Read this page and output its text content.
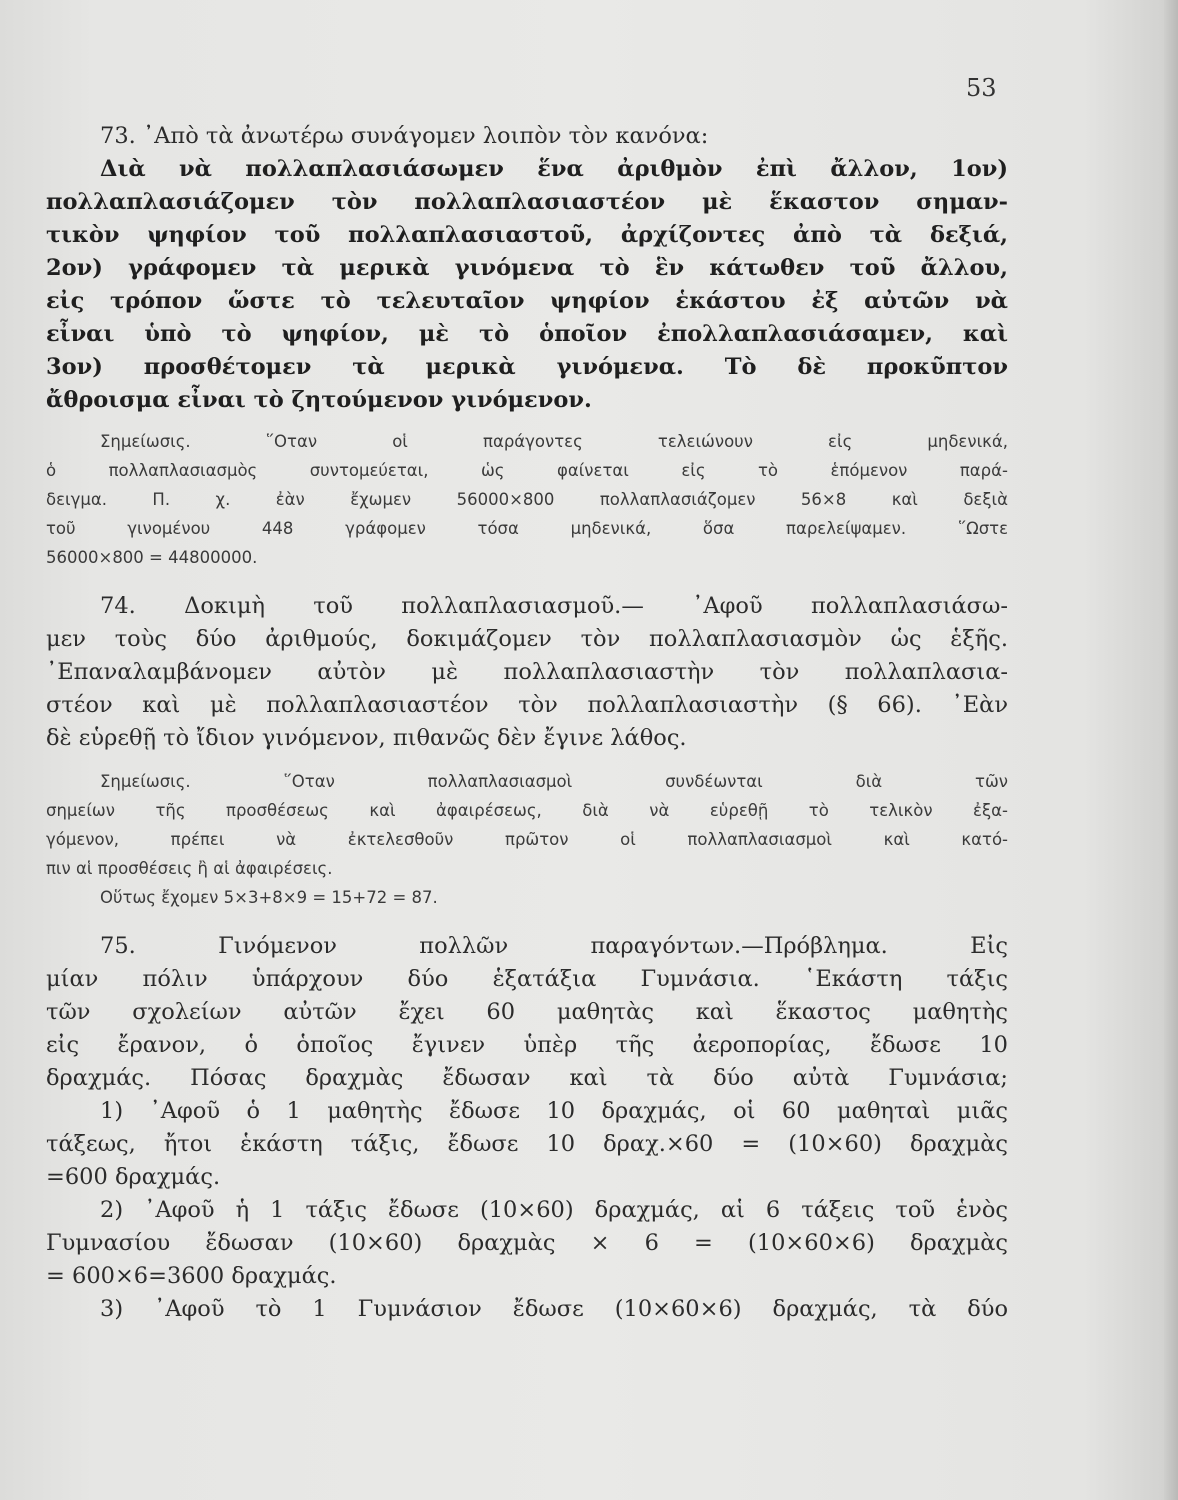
53
73. ᾿Απὸ τὰ ἀνωτέρω συνάγομεν λοιπὸν τὸν κανόνα:
Διὰ νὰ πολλαπλασιάσωμεν ἕνα ἀριθμὸν ἐπὶ ἄλλον, 1ον)
πολλαπλασιάζομεν τὸν πολλαπλασιαστέον μὲ ἕκαστον σημαν-
τικὸν ψηφίον τοῦ πολλαπλασιαστοῦ, ἀρχίζοντες ἀπὸ τὰ δεξιά,
2ον) γράφομεν τὰ μερικὰ γινόμενα τὸ ἓν κάτωθεν τοῦ ἄλλου,
εἰς τρόπον ὥστε τὸ τελευταῖον ψηφίον ἑκάστου ἐξ αὐτῶν νὰ
εἶναι ὑπὸ τὸ ψηφίον, μὲ τὸ ὁποῖον ἐπολλαπλασιάσαμεν, καὶ
3ον) προσθέτομεν τὰ μερικὰ γινόμενα. Τὸ δὲ προκῦπτον
ἄθροισμα εἶναι τὸ ζητούμενον γινόμενον.
Σημείωσις. ῞Οταν οἱ παράγοντες τελειώνουν εἰς μηδενικά,
ὁ πολλαπλασιασμὸς συντομεύεται, ὡς φαίνεται εἰς τὸ ἑπόμενον παρά-
δειγμα. Π. χ. ἐὰν ἔχωμεν 56000×800 πολλαπλασιάζομεν 56×8 καὶ δεξιὰ
τοῦ γινομένου 448 γράφομεν τόσα μηδενικά, ὅσα παρελείψαμεν. ῞Ωστε
56000×800 = 44800000.
74. Δοκιμὴ τοῦ πολλαπλασιασμοῦ.— ᾿Αφοῦ πολλαπλασιάσω-
μεν τοὺς δύο ἀριθμούς, δοκιμάζομεν τὸν πολλαπλασιασμὸν ὡς ἑξῆς.
᾿Επαναλαμβάνομεν αὐτὸν μὲ πολλαπλασιαστὴν τὸν πολλαπλασια-
στέον καὶ μὲ πολλαπλασιαστέον τὸν πολλαπλασιαστὴν (§ 66). ᾿Εὰν
δὲ εὑρεθῇ τὸ ἴδιον γινόμενον, πιθανῶς δὲν ἔγινε λάθος.
Σημείωσις. ῞Οταν πολλαπλασιασμοὶ συνδέωνται διὰ τῶν
σημείων τῆς προσθέσεως καὶ ἀφαιρέσεως, διὰ νὰ εὑρεθῇ τὸ τελικὸν ἐξα-
γόμενον, πρέπει νὰ ἐκτελεσθοῦν πρῶτον οἱ πολλαπλασιασμοὶ καὶ κατό-
πιν αἱ προσθέσεις ἢ αἱ ἀφαιρέσεις.
Οὕτως ἔχομεν 5×3+8×9 = 15+72 = 87.
75. Γινόμενον πολλῶν παραγόντων.—Πρόβλημα. Εἰς
μίαν πόλιν ὑπάρχουν δύο ἑξατάξια Γυμνάσια. ῾Εκάστη τάξις
τῶν σχολείων αὐτῶν ἔχει 60 μαθητὰς καὶ ἕκαστος μαθητὴς
εἰς ἔρανον, ὁ ὁποῖος ἔγινεν ὑπὲρ τῆς ἀεροπορίας, ἔδωσε 10
δραχμάς. Πόσας δραχμὰς ἔδωσαν καὶ τὰ δύο αὐτὰ Γυμνάσια;
1) ᾿Αφοῦ ὁ 1 μαθητὴς ἔδωσε 10 δραχμάς, οἱ 60 μαθηταὶ μιᾶς
τάξεως, ἤτοι ἑκάστη τάξις, ἔδωσε 10 δραχ.×60 = (10×60) δραχμὰς
=600 δραχμάς.
2) ᾿Αφοῦ ἡ 1 τάξις ἔδωσε (10×60) δραχμάς, αἱ 6 τάξεις τοῦ ἑνὸς
Γυμνασίου ἔδωσαν (10×60) δραχμὰς × 6 = (10×60×6) δραχμὰς
= 600×6=3600 δραχμάς.
3) ᾿Αφοῦ τὸ 1 Γυμνάσιον ἔδωσε (10×60×6) δραχμάς, τὰ δύο
